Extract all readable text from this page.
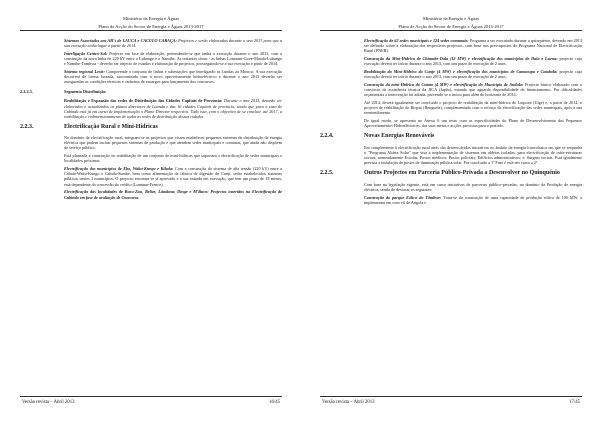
Ministério da Energia e Águas
Plano de Acção do Sector de Energia e Águas 2013-2017

Sistemas Associados aos AH's de LAUCA e CACULO CABAÇA: Projectos e serão elaborados durante o ano 2013 para que a sua execução tenha lugar a partir de 2014.

Interligação Centro-Sul: Projecto em fase de elaboração, pretendendo-se que tenha a execução durante o ano 2013, com a construção da nova linha de 220 kV entre o Lubango e o Namibe. As restantes obras - as linhas Lomaum-Gove-Matala-Lubango e Namibe-Tombwa - deverão ser objecto de estudos e elaboração de projectos, prosseguindo-se a sua execução a partir de 2014.

Sistema regional Leste: Compreende o conjunto de linhas e subestações que interligarão as Lundas ao Moxico. A sua execução decorrerá de forma faseada, sincronizada com o novo aproveitamento hidroeléctrico e durante o ano 2013 deverão ser asseguradas as condições técnicas e cadernos de encargos para lançamento dos concursos.

2.2.2.3.	Segmento Distribuição

Reabilitação e Expansão das redes de Distribuição das Cidades Capitais de Província: Durante o ano 2015, deverão ser elaborados e actualizados os planos directores de Luanda e das 16 cidades Capitais de província, sendo que para o caso de Cabinda está já em curso de implementação o Plano Director respectivo. Tudo isso, com o objectivo de se concluir, até 2017, a reabilitação e redimensionamento de todas as redes de distribuição dessas cidades.

2.2.3.	Electrificação Rural e Mini-Hídricas

No domínio da electrificação rural, integram-se os projectos que visam estabelecer pequenos sistemas de distribuição de energia eléctrica que podem incluir pequenos sistemas de produção e que atendem sedes municipais e comunas, que ainda não dispõem de serviço público.

Está planeada a construção ou reabilitação de um conjunto de mini-hídricas que suportará a electrificação de sedes municipais e localidades próximas.

Electrificação dos municípios de Ebo, Waku-Kungo e Kibala: Com a construção do sistema de alta tensão (220 kV) entre a Cabala-Waku-Kungo e Cabula-Sumbe, bem como alimentação da fábrica de dígestão do Cunji, serão estabelecidos sistemas públicos nestes 3 municípios. O projecto encontra-se já aprovado e a sua entrada em execução, que tem um prazo de 18 meses, está dependente da concessão do crédito (Luminar-France).

Electrificação das localidades de Buco-Zau, Belize, Lândana; Dinge e M'Buco: Projectos inseridos na Electrificação de Cabinda em fase de avaliação de Concurso.

Versão revista – Abril 2013	16/45
Ministério da Energia e Águas
Plano de Acção do Sector de Energia e Águas 2013-2017

Electrificação de 62 sedes municipais e 124 sedes comunais: Programa a ser executado durante o quinquénio, devendo em 2013 ser definido sobre a elaboração dos respectivos projectos, com base nos pressupostos do Programa Nacional de Electrificação Rural (PNER).

Construção da Mini-Hídrica de Chiumbe-Dala (12 MW) e electrificação dos municípios de Dala e Luena: projecto cuja execução deverá ter início durante o ano 2013, com um prazo de execução de 2 anos.

Reabilitação da Mini-Hídrica do Cunje (4 MW) e electrificação dos municípios de Camacupa e Catabola: projecto cuja execução deverá ter início durante o ano 2013, com um prazo de execução de 2 anos.

Construção da mini-Hídrica do Cutato (4 MW) e electrificação do Município de Andulo: Projecto básico elaborado com o consórcio da assistência técnica da JICA (Japão), estando que aguarda disponibilidade de financiamento. Por dificuldades orçamentais a intervenção foi adiada, prevendo-se o início para além do horizonte de 2014.

Até 2014, deverá igualmente ser concluído o projecto de reabilitação da mini-hídrica do Luquixe (Uíge) e, a partir de 2014, o projecto de reabilitação do Biopio (Benguela), complementado com o reforço da electrificação das sedes municipais, após a sua reentendimento.

De igual modo, se apresenta no Anexo 6 um texto com as especificidades do Plano de Desenvolvimento dos Pequenos Aproveitamentos Hidroeléctricos, das suas metas e acções previstas para o período.

2.2.4.	Novas Energias Renováveis

Em complemento à electrificação rural atrás são desenvolvidas iniciativas no âmbito da energia fotovoltaica em que se enquadra o "Programa Aldeia Solar" que visa a implementação de sistemas em aldeias isoladas, para electrificação de infra-estruturas sociais, nomeadamente Escolas; Postos médicos; Postos policiais; Edifícios administrativos; e, Surgem sociais. Está igualmente prevista a instalação de postes de iluminação pública solar. Por conclusão a 1ª Fase é está em curso a 2ª.

2.2.5.	Outros Projectos em Parceria Público-Privada a Desenvolver no Quinquénio

Com base na legislação vigente, está em curso iniciativas de parcerias público-privadas, no domínio da Produção de energia eléctrica, sendo de destacar os seguintes:

Construção do parque Eólico do Tômbwe: Trata-se da construção de uma capacidade de produção eólica de 100 MW, a implementar em com vil de Angola e

Versão revista – Abril 2013	17/45
